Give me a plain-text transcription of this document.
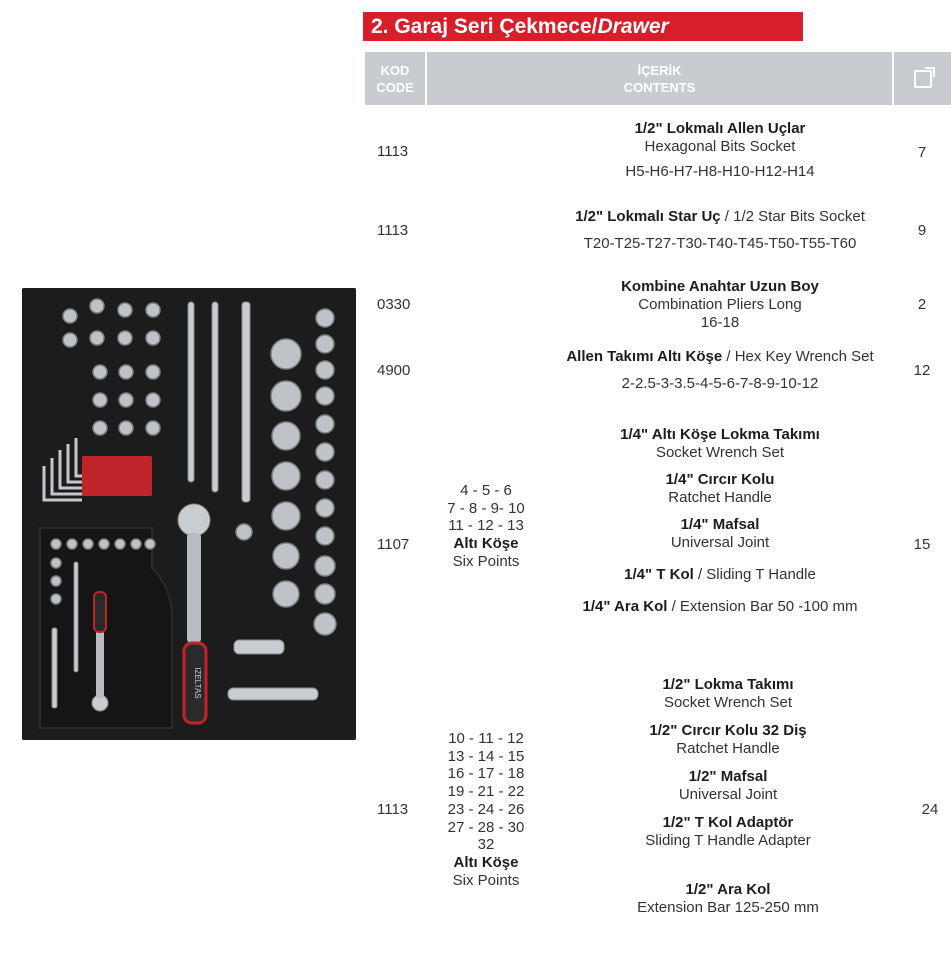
2. Garaj Seri Çekmece/Drawer
KOD
CODE
İÇERİK
CONTENTS
IZELTAS
1113
1/2" Lokmalı Allen Uçlar
Hexagonal Bits Socket
H5-H6-H7-H8-H10-H12-H14
7
1113
1/2" Lokmalı Star Uç / 1/2 Star Bits Socket
T20-T25-T27-T30-T40-T45-T50-T55-T60
9
0330
Kombine Anahtar Uzun Boy
Combination Pliers Long
16-18
2
4900
Allen Takımı Altı Köşe / Hex Key Wrench Set
2-2.5-3-3.5-4-5-6-7-8-9-10-12
12
1107
4 - 5 - 6
7 - 8 - 9- 10
11 - 12 - 13
Altı Köşe
Six Points
1/4" Altı Köşe Lokma Takımı
Socket Wrench Set
1/4" Cırcır Kolu
Ratchet Handle
1/4" Mafsal
Universal Joint
1/4" T Kol / Sliding T Handle
1/4" Ara Kol / Extension Bar 50 -100 mm
15
1113
10 - 11 - 12
13 - 14 - 15
16 - 17 - 18
19 - 21 - 22
23 - 24 - 26
27 - 28 - 30
32
Altı Köşe
Six Points
1/2" Lokma Takımı
Socket Wrench Set
1/2" Cırcır Kolu 32 Diş
Ratchet Handle
1/2" Mafsal
Universal Joint
1/2" T Kol Adaptör
Sliding T Handle Adapter
1/2" Ara Kol
Extension Bar 125-250 mm
24
